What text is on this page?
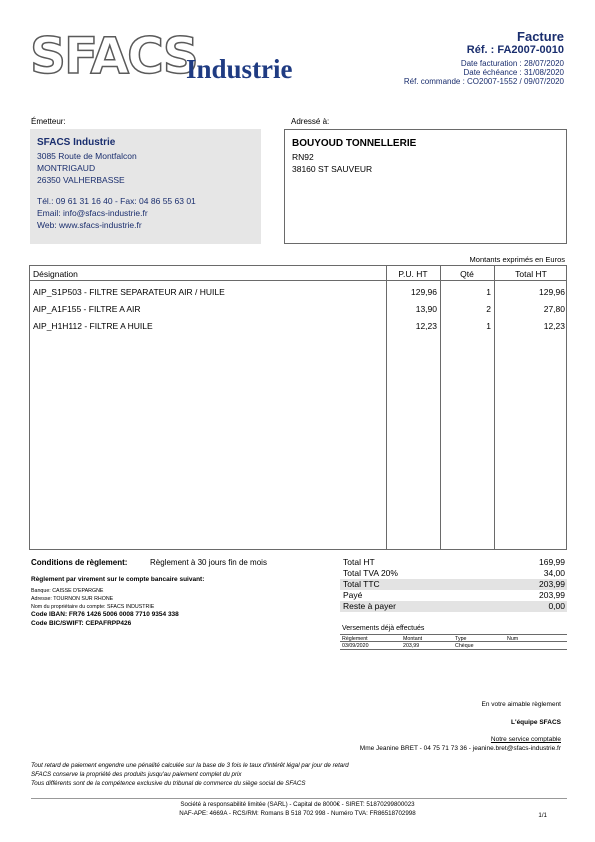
SFACS
Industrie
Facture
Réf. : FA2007-0010
Date facturation : 28/07/2020
Date échéance : 31/08/2020
Réf. commande : CO2007-1552 / 09/07/2020
Émetteur:	Adressé à:
SFACS Industrie
3085 Route de Montfalcon
MONTRIGAUD
26350 VALHERBASSE
Tél.: 09 61 31 16 40 - Fax: 04 86 55 63 01
Email: info@sfacs-industrie.fr
Web: www.sfacs-industrie.fr
BOUYOUD TONNELLERIE
RN92
38160 ST SAUVEUR
Montants exprimés en Euros
Désignation	P.U. HT	Qté	Total HT
AIP_S1P503 - FILTRE SEPARATEUR AIR / HUILE	129,96	1	129,96
AIP_A1F155 - FILTRE A AIR	13,90	2	27,80
AIP_H1H112 - FILTRE A HUILE	12,23	1	12,23
Conditions de règlement:	Règlement à 30 jours fin de mois
Règlement par virement sur le compte bancaire suivant:
Banque: CAISSE D'EPARGNE
Adresse: TOURNON SUR RHONE
Nom du propriétaire du compte: SFACS INDUSTRIE
Code IBAN: FR76 1426 5006 0008 7710 9354 338
Code BIC/SWIFT: CEPAFRPP426
Total HT	169,99
Total TVA 20%	34,00
Total TTC	203,99
Payé	203,99
Reste à payer	0,00
Versements déjà effectués
Règlement	Montant	Type	Num
03/09/2020	203,99	Chèque
En votre aimable règlement
L'équipe SFACS
Notre service comptable
Mme Jeanine BRET - 04 75 71 73 36 - jeanine.bret@sfacs-industrie.fr
Tout retard de paiement engendre une pénalité calculée sur la base de 3 fois le taux d'intérêt légal par jour de retard
SFACS conserve la propriété des produits jusqu'au paiement complet du prix
Tous différents sont de la compétence exclusive du tribunal de commerce du siège social de SFACS
Société à responsabilité limitée (SARL) - Capital de 8000€ - SIRET: 51870299800023
NAF-APE: 4669A - RCS/RM: Romans B 518 702 998 - Numéro TVA: FR86518702998	1/1
